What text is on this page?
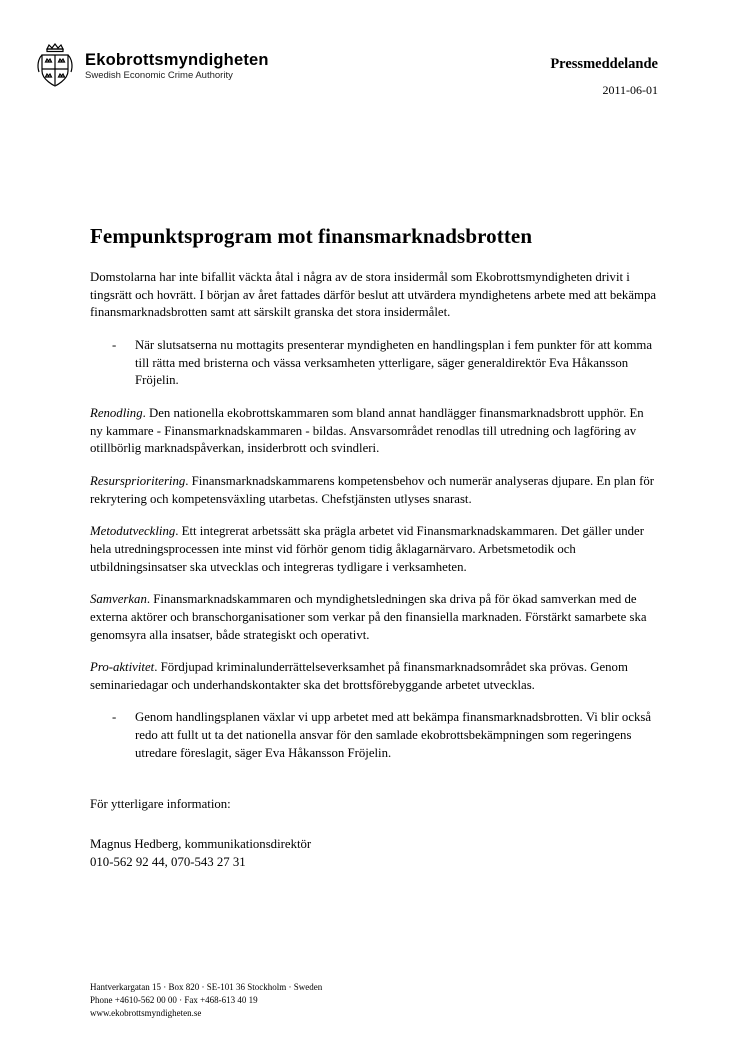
Ekobrottsmyndigheten
Swedish Economic Crime Authority
Pressmeddelande
2011-06-01
Fempunktsprogram mot finansmarknadsbrotten

Domstolarna har inte bifallit väckta åtal i några av de stora insidermål som Ekobrottsmyndigheten drivit i tingsrätt och hovrätt. I början av året fattades därför beslut att utvärdera myndighetens arbete med att bekämpa finansmarknadsbrotten samt att särskilt granska det stora insidermålet.

-	När slutsatserna nu mottagits presenterar myndigheten en handlingsplan i fem punkter för att komma till rätta med bristerna och vässa verksamheten ytterligare, säger generaldirektör Eva Håkansson Fröjelin.

Renodling. Den nationella ekobrottskammaren som bland annat handlägger finansmarknadsbrott upphör. En ny kammare - Finansmarknadskammaren - bildas. Ansvarsområdet renodlas till utredning och lagföring av otillbörlig marknadspåverkan, insiderbrott och svindleri.

Resursprioritering. Finansmarknadskammarens kompetensbehov och numerär analyseras djupare. En plan för rekrytering och kompetensväxling utarbetas. Chefstjänsten utlyses snarast.

Metodutveckling. Ett integrerat arbetssätt ska prägla arbetet vid Finansmarknadskammaren. Det gäller under hela utredningsprocessen inte minst vid förhör genom tidig åklagarnärvaro. Arbetsmetodik och utbildningsinsatser ska utvecklas och integreras tydligare i verksamheten.

Samverkan. Finansmarknadskammaren och myndighetsledningen ska driva på för ökad samverkan med de externa aktörer och branschorganisationer som verkar på den finansiella marknaden. Förstärkt samarbete ska genomsyra alla insatser, både strategiskt och operativt.

Pro-aktivitet. Fördjupad kriminalunderrättelseverksamhet på finansmarknadsområdet ska prövas. Genom seminariedagar och underhandskontakter ska det brottsförebyggande arbetet utvecklas.

-	Genom handlingsplanen växlar vi upp arbetet med att bekämpa finansmarknadsbrotten. Vi blir också redo att fullt ut ta det nationella ansvar för den samlade ekobrottsbekämpningen som regeringens utredare föreslagit, säger Eva Håkansson Fröjelin.

För ytterligare information:

Magnus Hedberg, kommunikationsdirektör
010-562 92 44, 070-543 27 31
Hantverkargatan 15 · Box 820 · SE-101 36 Stockholm · Sweden
Phone +4610-562 00 00 · Fax +468-613 40 19
www.ekobrottsmyndigheten.se
